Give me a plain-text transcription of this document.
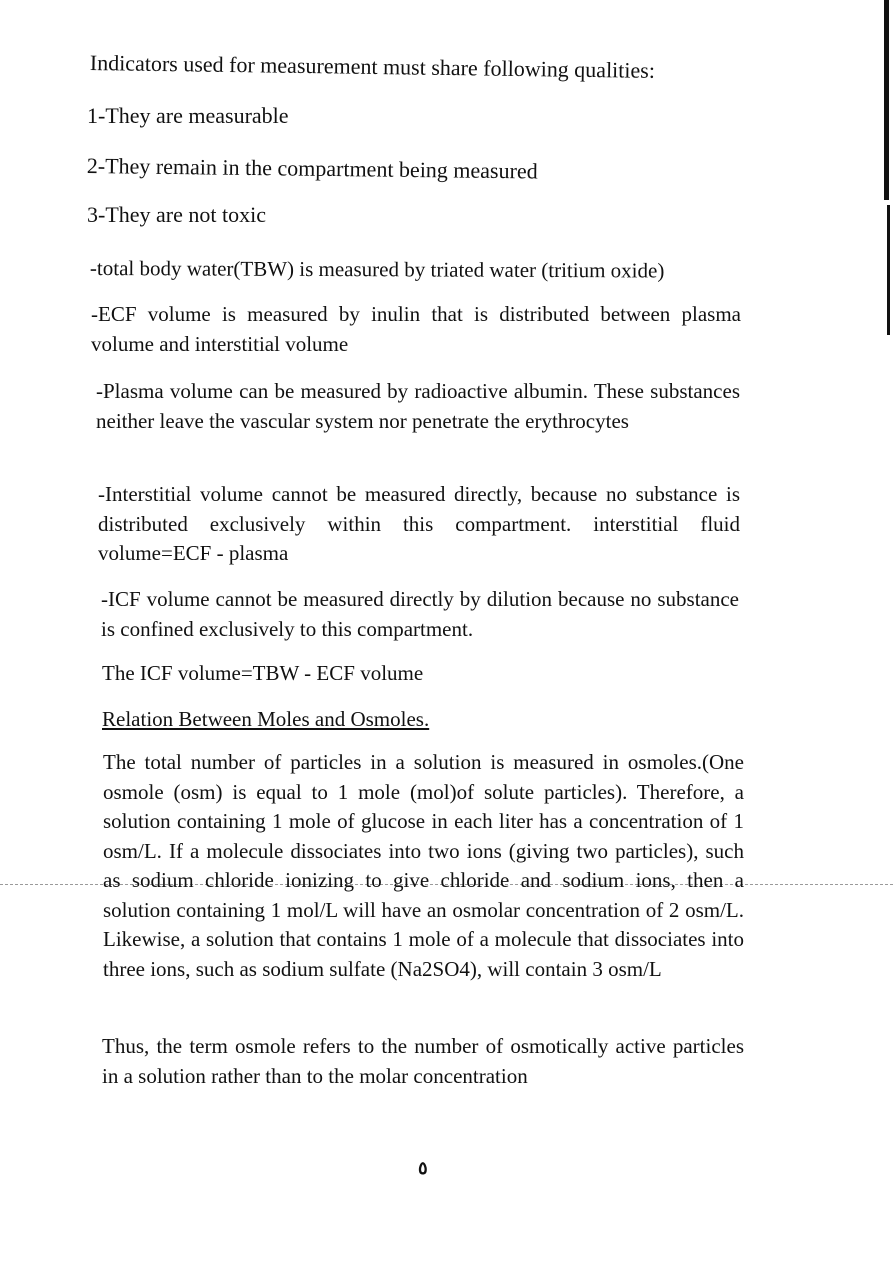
Indicators used for measurement must share following qualities:
1-They are measurable
2-They remain in the compartment being measured
3-They are not toxic
-total body water(TBW) is measured by triated water (tritium oxide)
-ECF volume is measured by inulin that is distributed between plasma volume and interstitial volume
-Plasma volume can be measured by radioactive albumin. These substances neither leave the vascular system nor penetrate the erythrocytes
-Interstitial volume cannot be measured directly, because no substance is distributed exclusively within this compartment. interstitial fluid volume=ECF - plasma
-ICF volume cannot be measured directly by dilution because no substance is confined exclusively to this compartment.
The ICF volume=TBW - ECF volume
Relation Between Moles and Osmoles.
The total number of particles in a solution is measured in osmoles.(One osmole (osm) is equal to 1 mole (mol)of solute particles). Therefore, a solution containing 1 mole of glucose in each liter has a concentration of 1 osm/L. If a molecule dissociates into two ions (giving two particles), such as sodium chloride ionizing to give chloride and sodium ions, then a solution containing 1 mol/L will have an osmolar concentration of 2 osm/L. Likewise, a solution that contains 1 mole of a molecule that dissociates into three ions, such as sodium sulfate (Na2SO4), will contain 3 osm/L
Thus, the term osmole refers to the number of osmotically active particles in a solution rather than to the molar concentration
٥
